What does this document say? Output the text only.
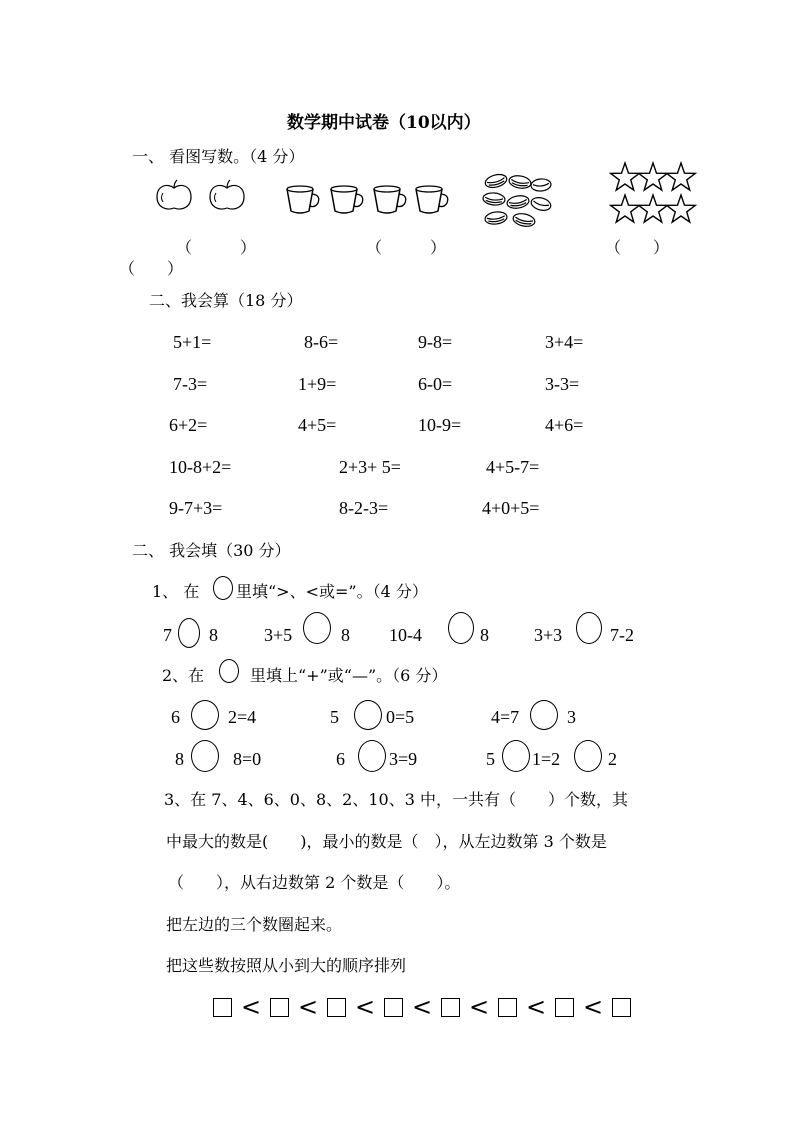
数学期中试卷（10以内）
一、 看图写数。（4 分）
（　　　）	（　　　）	（　　）
（　　）
二、我会算（18 分）
5+1=	8-6=	9-8=	3+4=
7-3=	1+9=	6-0=	3-3=
6+2=	4+5=	10-9=	4+6=
10-8+2=	2+3+ 5=	4+5-7=
9-7+3=	8-2-3=	4+0+5=
二、 我会填（30 分）
1、 在 里填“>、<或=”。（4 分）
7 8	3+5	8 10-4	8	3+3	7-2
2、在	里填上“+”或“—”。（6 分）
6	2=4	5	0=5	4=7	3
8	8=0	6 3=9	5 1=2	2
3、在 7、4、6、0、8、2、10、3 中，一共有（　　）个数，其
中最大的数是(　　)，最小的数是（　），从左边数第 3 个数是
（　　），从右边数第 2 个数是（　　）。
把左边的三个数圈起来。
把这些数按照从小到大的顺序排列
<	<	<	<	<	<	<
